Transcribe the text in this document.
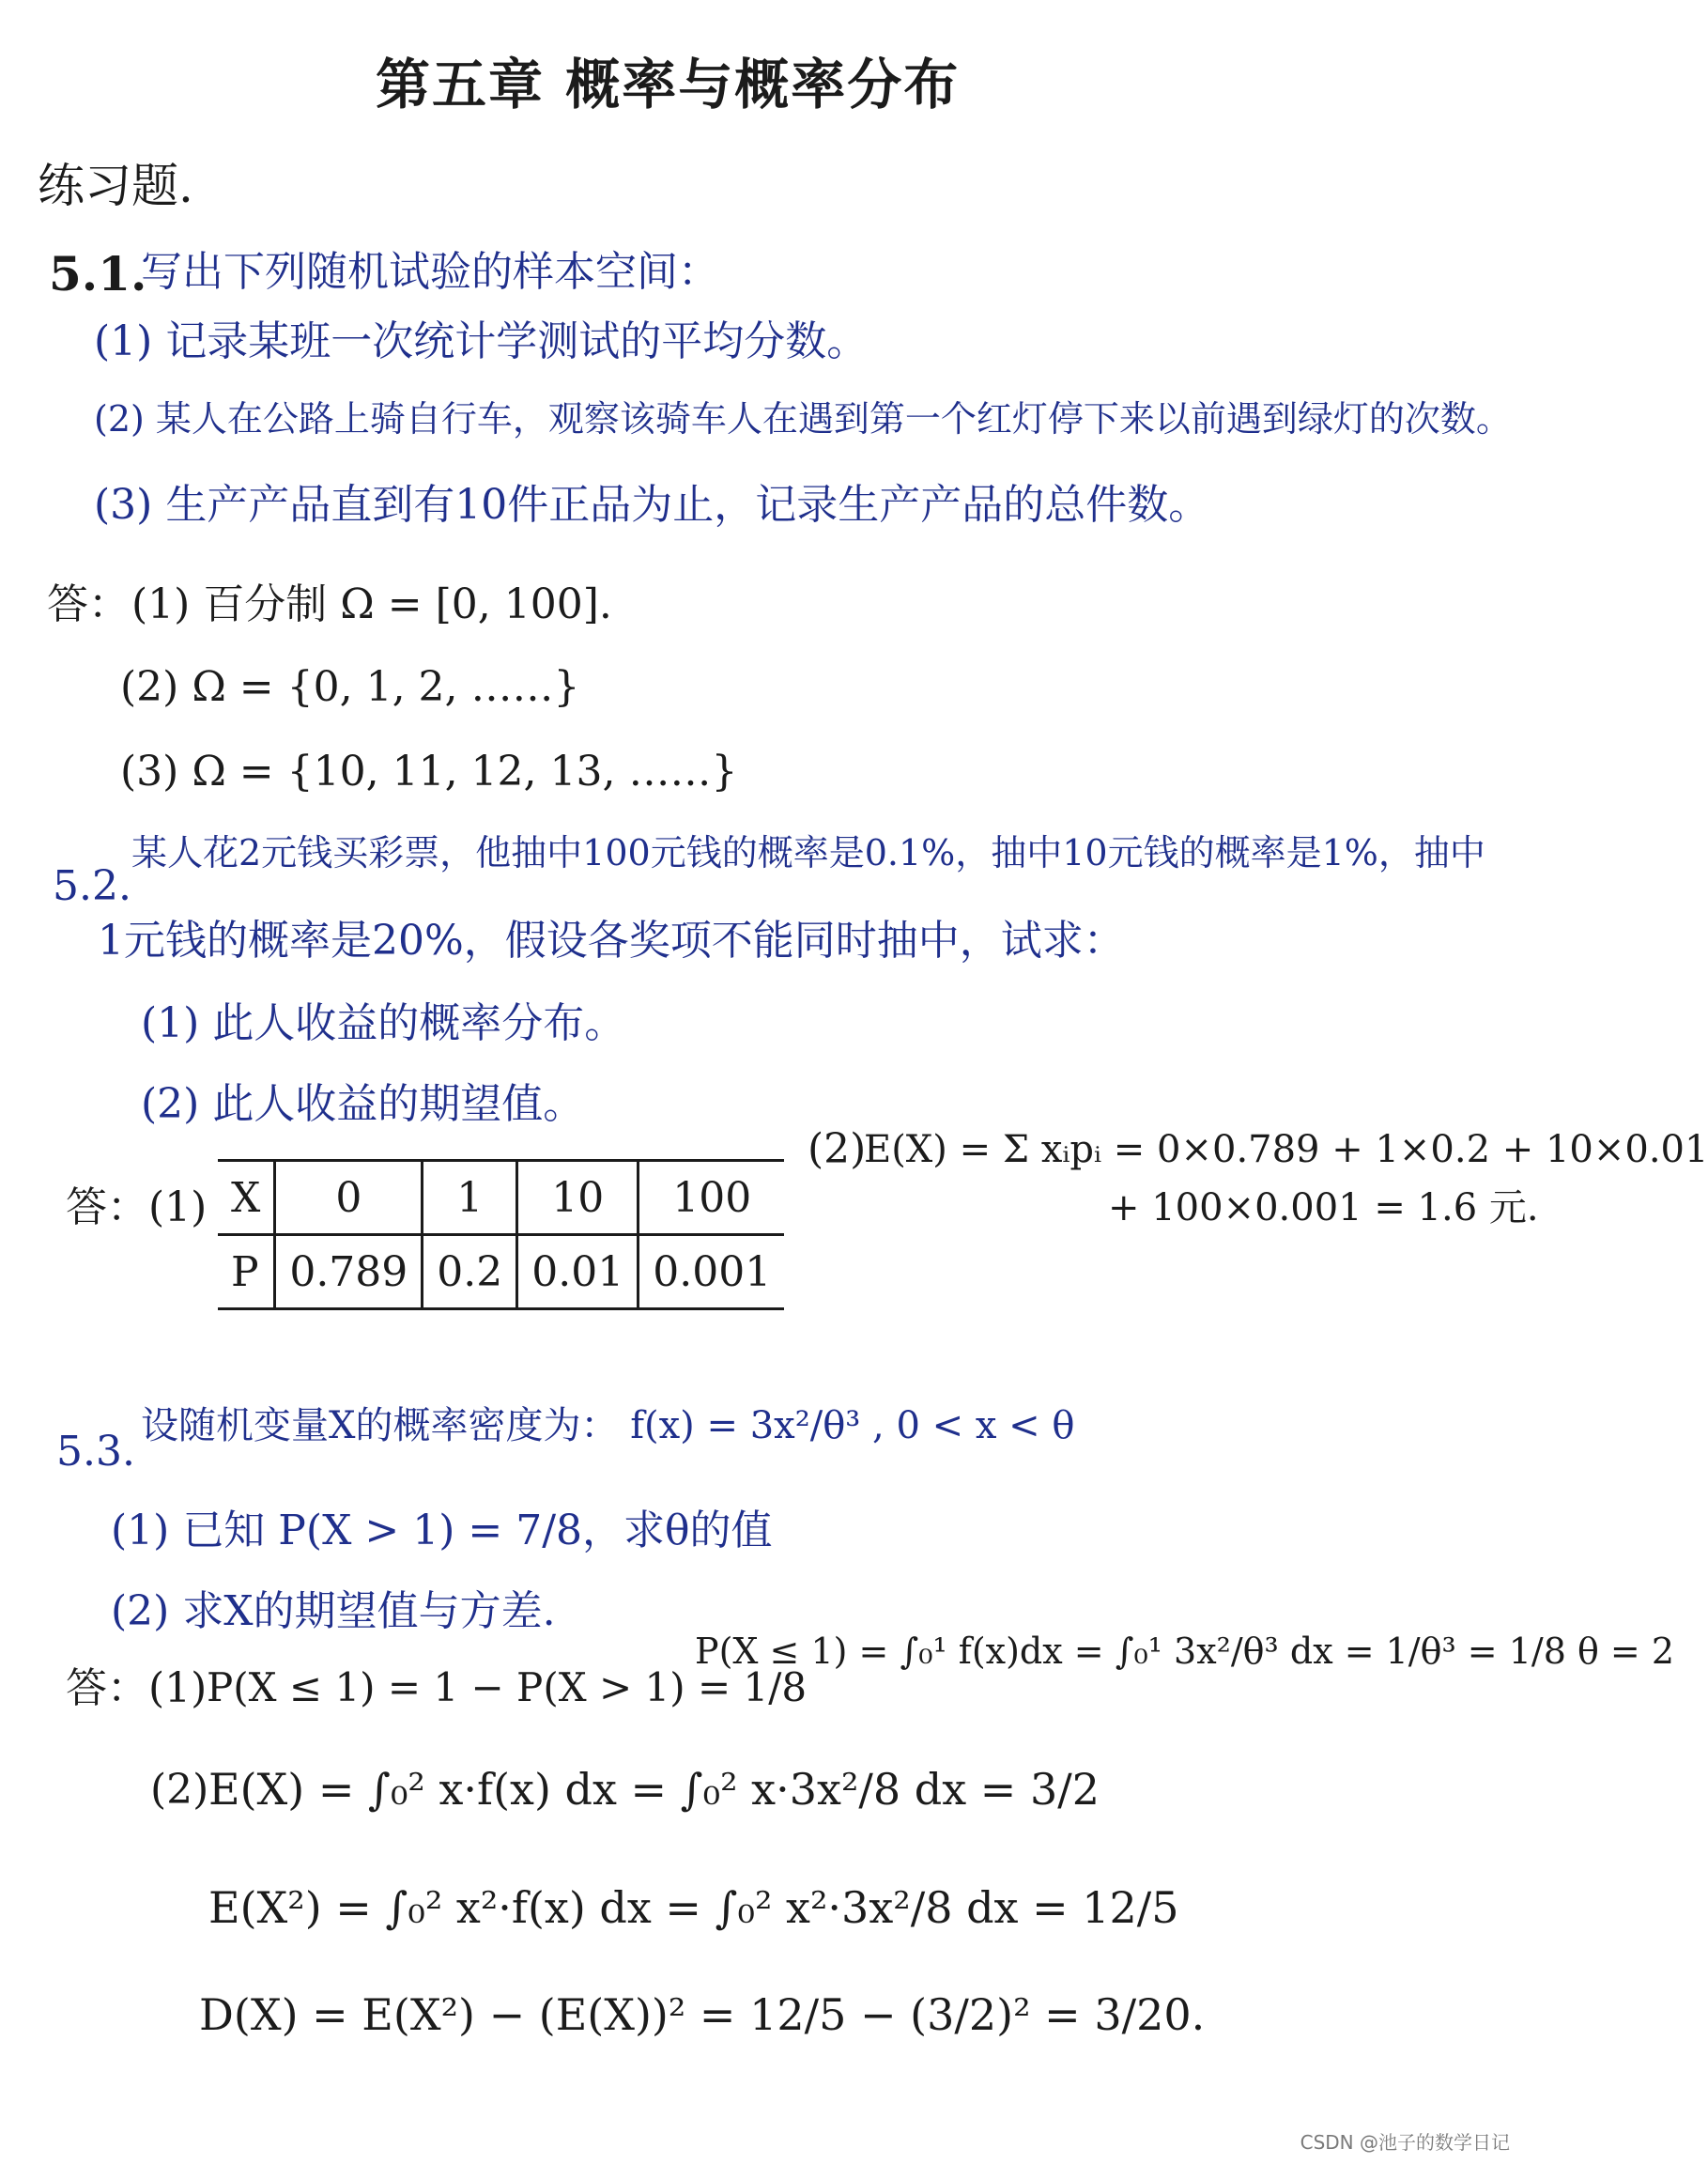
第五章 概率与概率分布
练习题.
5.1.
写出下列随机试验的样本空间：
(1) 记录某班一次统计学测试的平均分数。
(2) 某人在公路上骑自行车，观察该骑车人在遇到第一个红灯停下来以前遇到绿灯的次数。
(3) 生产产品直到有10件正品为止，记录生产产品的总件数。
答： (1) 百分制 Ω = [0, 100].
(2) Ω = {0, 1, 2, ……}
(3) Ω = {10, 11, 12, 13, ……}
5.2.
某人花2元钱买彩票，他抽中100元钱的概率是0.1%，抽中10元钱的概率是1%，抽中
1元钱的概率是20%，假设各奖项不能同时抽中，试求：
(1) 此人收益的概率分布。
(2) 此人收益的期望值。
答：(1) X	0	1	10	100
P	0.789	0.2	0.01	0.001
(2)
E(X) = Σ xᵢpᵢ = 0×0.789 + 1×0.2 + 10×0.01
+ 100×0.001 = 1.6 元.
5.3.
设随机变量X的概率密度为： f(x) = 3x²/θ³ , 0 < x < θ
(1) 已知 P(X > 1) = 7/8，求θ的值
(2) 求X的期望值与方差.
答：(1) P(X ≤ 1) = 1 − P(X > 1) = 1/8
P(X ≤ 1) = ∫₀¹ f(x)dx = ∫₀¹ 3x²/θ³ dx = 1/θ³ = 1/8 θ = 2
(2) E(X) = ∫₀² x·f(x) dx = ∫₀² x·3x²/8 dx = 3/2
E(X²) = ∫₀² x²·f(x) dx = ∫₀² x²·3x²/8 dx = 12/5
D(X) = E(X²) − (E(X))² = 12/5 − (3/2)² = 3/20.
CSDN @池子的数学日记
